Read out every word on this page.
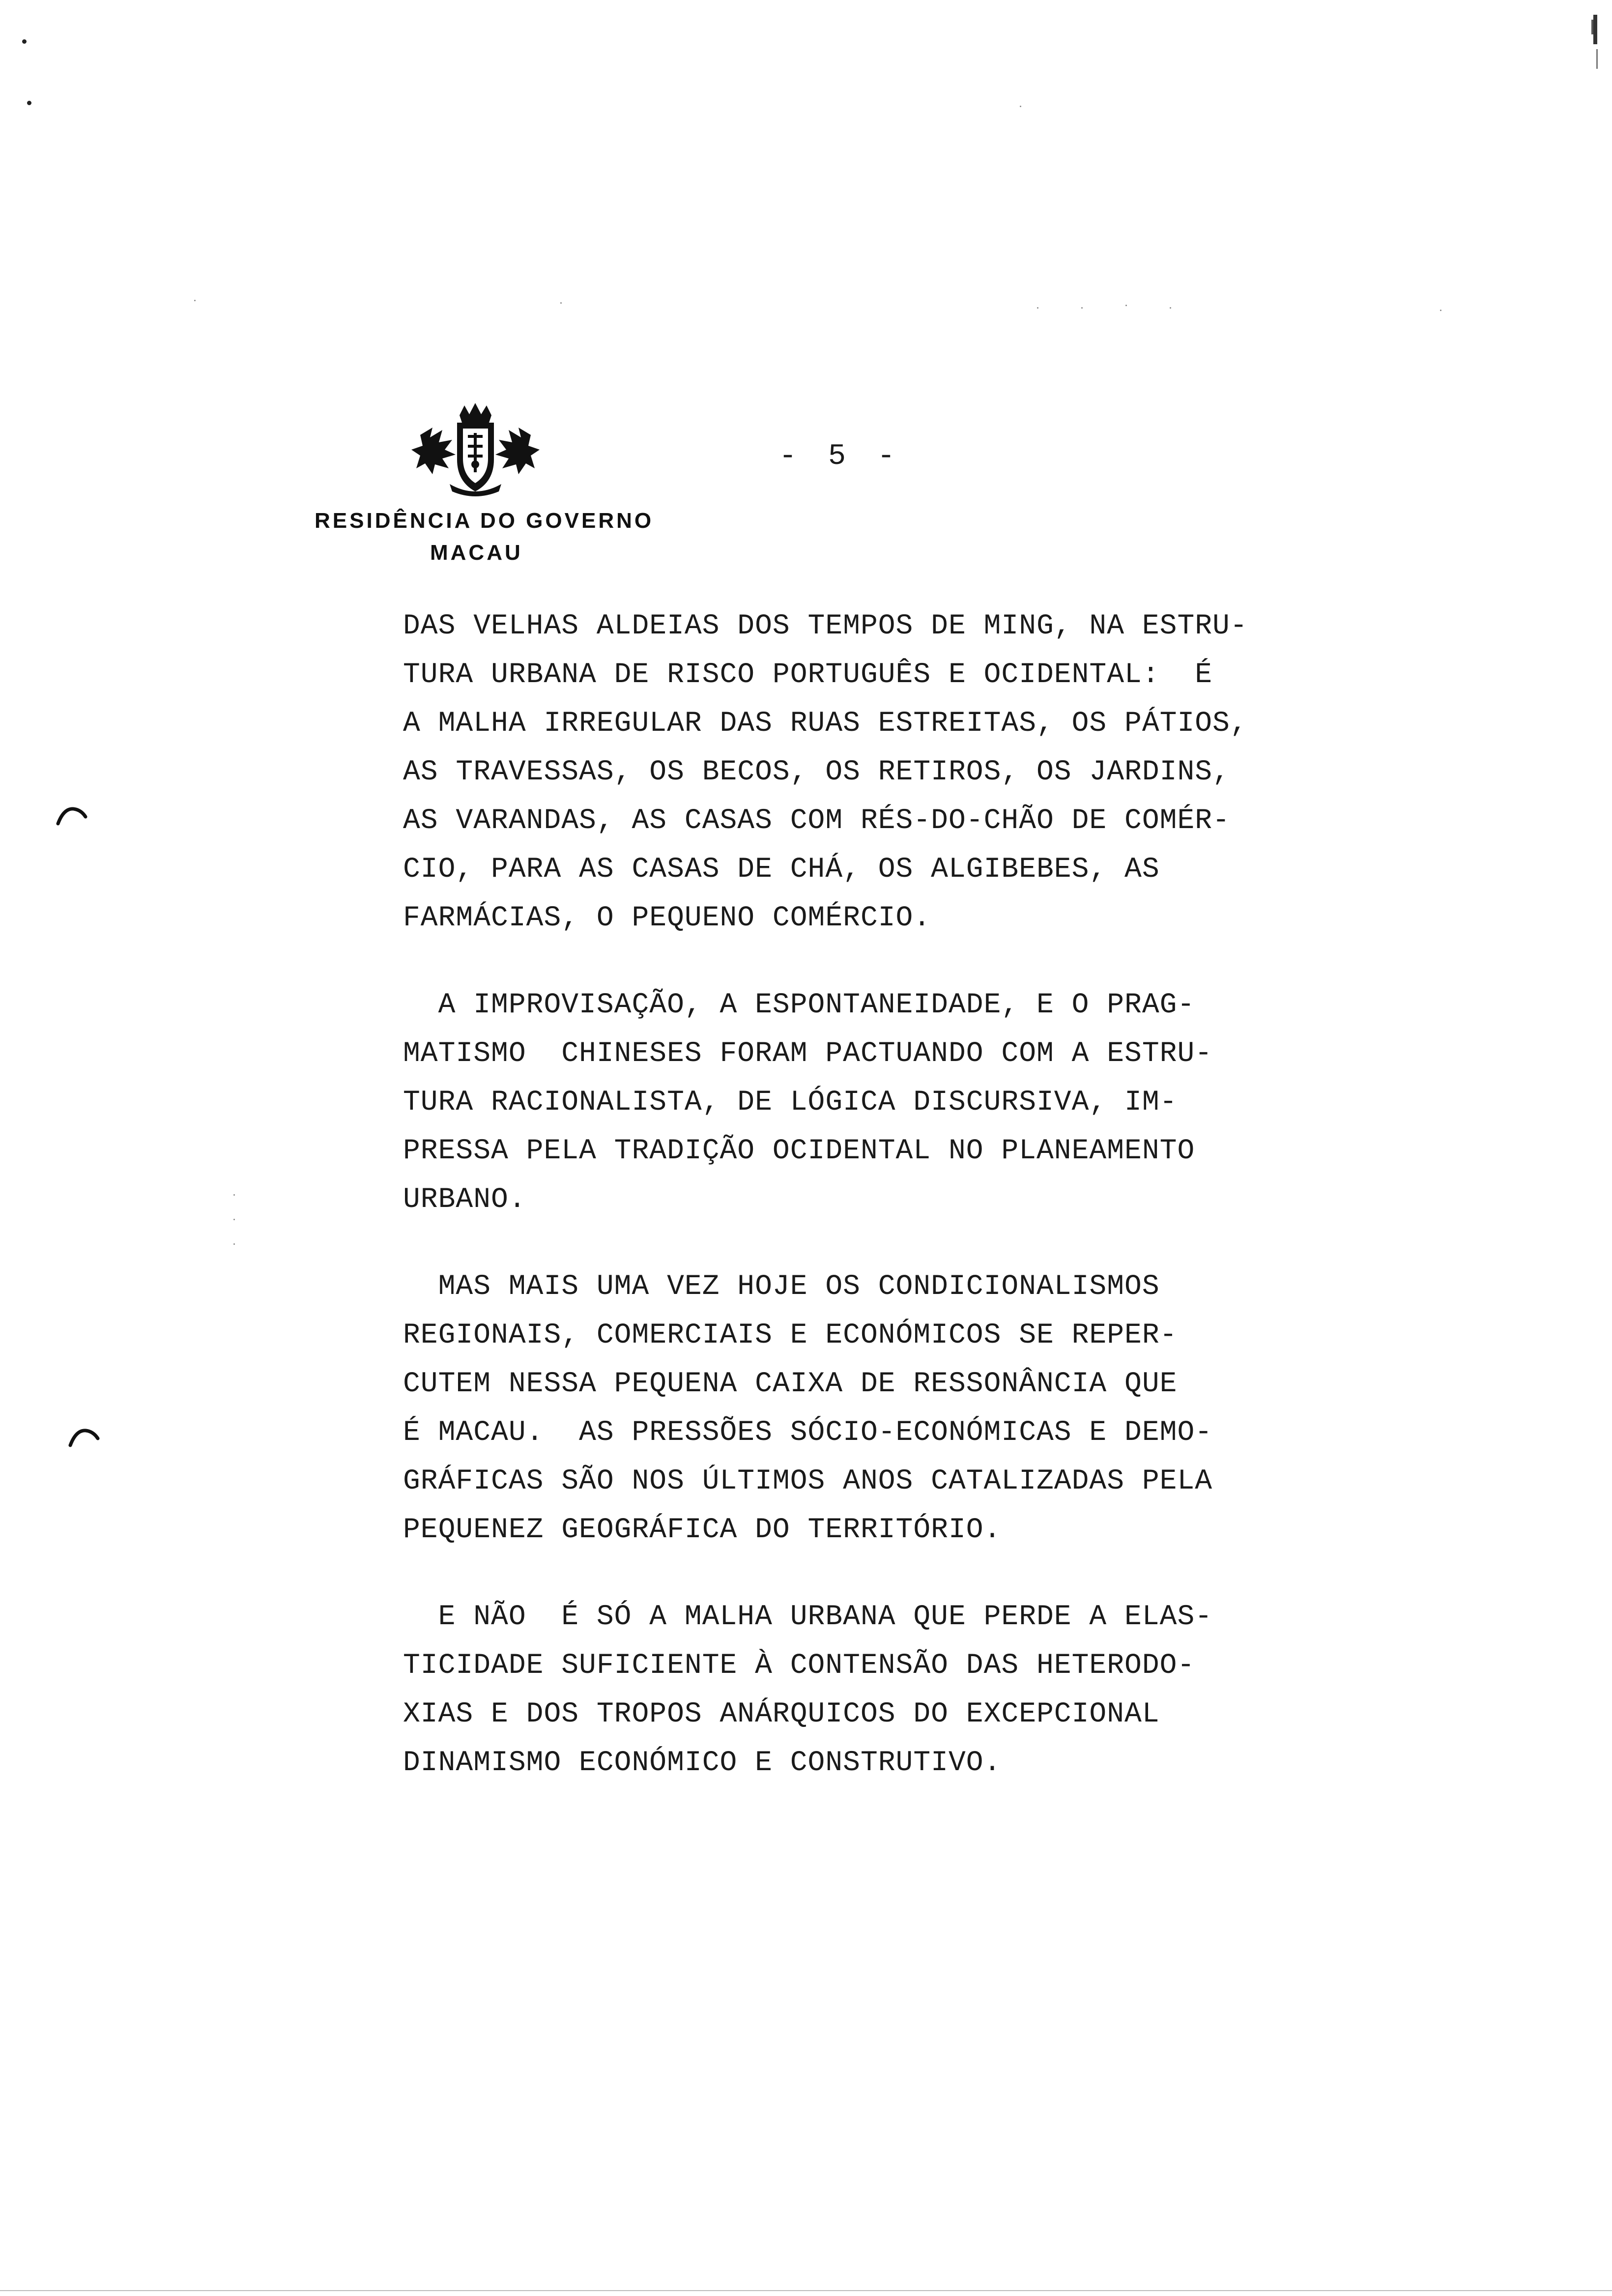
RESIDÊNCIA DO GOVERNO
MACAU
- 5 -
DAS VELHAS ALDEIAS DOS TEMPOS DE MING, NA ESTRU-
TURA URBANA DE RISCO PORTUGUÊS E OCIDENTAL:  É
A MALHA IRREGULAR DAS RUAS ESTREITAS, OS PÁTIOS,
AS TRAVESSAS, OS BECOS, OS RETIROS, OS JARDINS,
AS VARANDAS, AS CASAS COM RÉS-DO-CHÃO DE COMÉR-
CIO, PARA AS CASAS DE CHÁ, OS ALGIBEBES, AS
FARMÁCIAS, O PEQUENO COMÉRCIO.
A IMPROVISAÇÃO, A ESPONTANEIDADE, E O PRAG-
MATISMO  CHINESES FORAM PACTUANDO COM A ESTRU-
TURA RACIONALISTA, DE LÓGICA DISCURSIVA, IM-
PRESSA PELA TRADIÇÃO OCIDENTAL NO PLANEAMENTO
URBANO.
MAS MAIS UMA VEZ HOJE OS CONDICIONALISMOS
REGIONAIS, COMERCIAIS E ECONÓMICOS SE REPER-
CUTEM NESSA PEQUENA CAIXA DE RESSONÂNCIA QUE
É MACAU.  AS PRESSÕES SÓCIO-ECONÓMICAS E DEMO-
GRÁFICAS SÃO NOS ÚLTIMOS ANOS CATALIZADAS PELA
PEQUENEZ GEOGRÁFICA DO TERRITÓRIO.
E NÃO  É SÓ A MALHA URBANA QUE PERDE A ELAS-
TICIDADE SUFICIENTE À CONTENSÃO DAS HETERODO-
XIAS E DOS TROPOS ANÁRQUICOS DO EXCEPCIONAL
DINAMISMO ECONÓMICO E CONSTRUTIVO.
